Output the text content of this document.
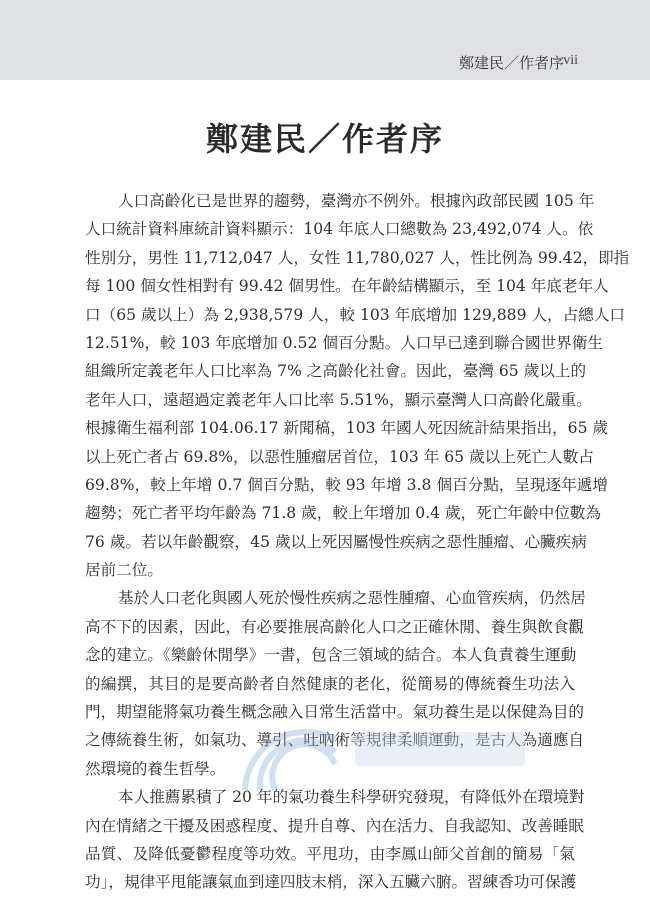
鄭建民／作者序 vii
鄭建民／作者序
人口高齡化已是世界的趨勢，臺灣亦不例外。根據內政部民國 105 年
人口統計資料庫統計資料顯示：104 年底人口總數為 23,492,074 人。依
性別分，男性 11,712,047 人，女性 11,780,027 人，性比例為 99.42，即指
每 100 個女性相對有 99.42 個男性。在年齡結構顯示，至 104 年底老年人
口（65 歲以上）為 2,938,579 人，較 103 年底增加 129,889 人，占總人口
12.51%，較 103 年底增加 0.52 個百分點。人口早已達到聯合國世界衛生
組織所定義老年人口比率為 7% 之高齡化社會。因此，臺灣 65 歲以上的
老年人口，遠超過定義老年人口比率 5.51%，顯示臺灣人口高齡化嚴重。
根據衛生福利部 104.06.17 新聞稿，103 年國人死因統計結果指出，65 歲
以上死亡者占 69.8%，以惡性腫瘤居首位，103 年 65 歲以上死亡人數占
69.8%，較上年增 0.7 個百分點，較 93 年增 3.8 個百分點，呈現逐年遞增
趨勢；死亡者平均年齡為 71.8 歲，較上年增加 0.4 歲，死亡年齡中位數為
76 歲。若以年齡觀察，45 歲以上死因屬慢性疾病之惡性腫瘤、心臟疾病
居前二位。
基於人口老化與國人死於慢性疾病之惡性腫瘤、心血管疾病，仍然居
高不下的因素，因此，有必要推展高齡化人口之正確休閒、養生與飲食觀
念的建立。《樂齡休閒學》一書，包含三領域的結合。本人負責養生運動
的編撰，其目的是要高齡者自然健康的老化，從簡易的傳統養生功法入
門，期望能將氣功養生概念融入日常生活當中。氣功養生是以保健為目的
之傳統養生術，如氣功、導引、吐吶術等規律柔順運動，是古人為適應自
然環境的養生哲學。
本人推薦累積了 20 年的氣功養生科學研究發現，有降低外在環境對
內在情緒之干擾及困惑程度、提升自尊、內在活力、自我認知、改善睡眠
品質、及降低憂鬱程度等功效。平甩功，由李鳳山師父首創的簡易「氣
功」，規律平甩能讓氣血到達四肢末梢，深入五臟六腑。習練香功可保護
